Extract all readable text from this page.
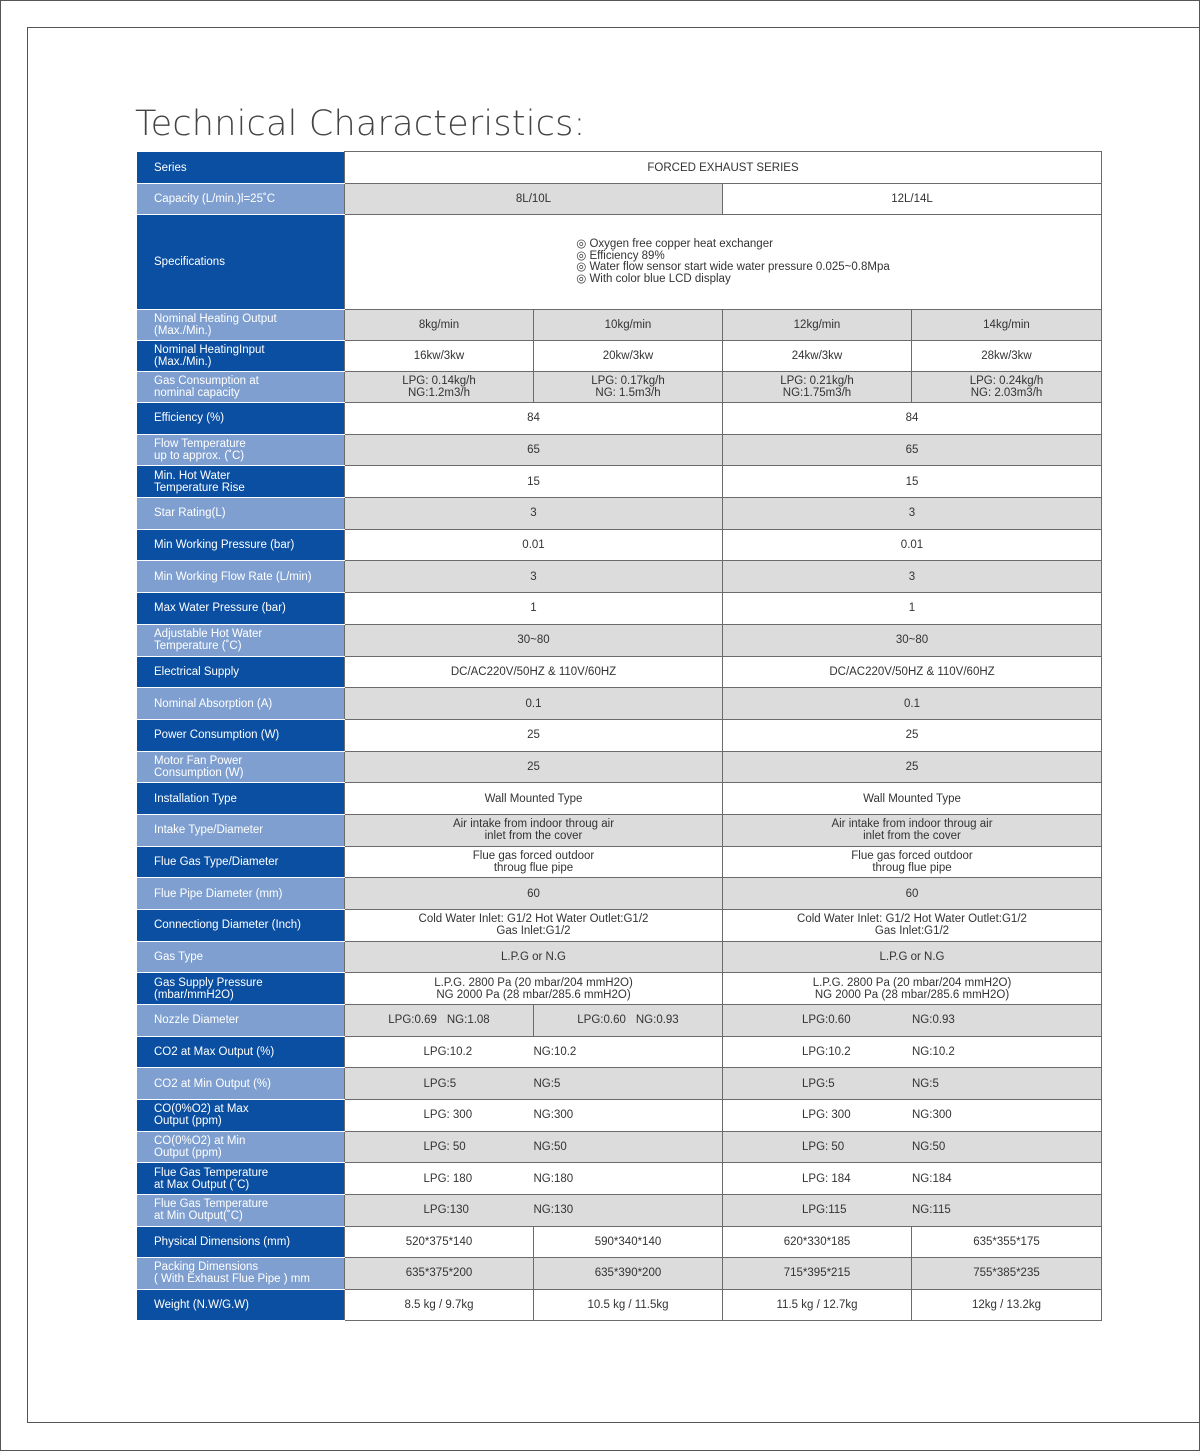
Technical Characteristics:
Series	FORCED EXHAUST SERIES			
Capacity (L/min.)l=25˚C	8L/10L		12L/14L	
Specifications	◎ Oxygen free copper heat exchanger
◎ Efficiency 89%
◎ Water flow sensor start wide water pressure 0.025~0.8Mpa
◎ With color blue LCD display			

Nominal Heating Output
(Max./Min.)	8kg/min	10kg/min	12kg/min	14kg/min
Nominal HeatingInput
(Max./Min.)	16kw/3kw	20kw/3kw	24kw/3kw	28kw/3kw
Gas Consumption at
nominal capacity	LPG: 0.14kg/h
NG:1.2m3/h	LPG: 0.17kg/h
NG: 1.5m3/h	LPG: 0.21kg/h
NG:1.75m3/h	LPG: 0.24kg/h
NG: 2.03m3/h
Efficiency (%)	84		84	
Flow Temperature
up to approx. (˚C)	65		65	
Min. Hot Water
Temperature Rise	15		15	
Star Rating(L)	3		3	
Min Working Pressure (bar)	0.01		0.01	
Min Working Flow Rate (L/min)	3		3	
Max Water Pressure (bar)	1		1	
Adjustable Hot Water
Temperature (˚C)	30~80		30~80	
Electrical Supply	DC/AC220V/50HZ & 110V/60HZ		DC/AC220V/50HZ & 110V/60HZ	
Nominal Absorption (A)	0.1		0.1	
Power Consumption (W)	25		25	
Motor Fan Power
Consumption (W)	25		25	
Installation Type	Wall Mounted Type		Wall Mounted Type	
Intake Type/Diameter	Air intake from indoor throug air
inlet from the cover		Air intake from indoor throug air
inlet from the cover	
Flue Gas Type/Diameter	Flue gas forced outdoor
throug flue pipe		Flue gas forced outdoor
throug flue pipe	
Flue Pipe Diameter (mm)	60		60	
Connectiong Diameter (Inch)	Cold Water Inlet: G1/2 Hot Water Outlet:G1/2
Gas Inlet:G1/2		Cold Water Inlet: G1/2 Hot Water Outlet:G1/2
Gas Inlet:G1/2	
Gas Type	L.P.G or N.G		L.P.G or N.G	
Gas Supply Pressure
(mbar/mmH2O)	L.P.G. 2800 Pa (20 mbar/204 mmH2O)
NG 2000 Pa (28 mbar/285.6 mmH2O)		L.P.G. 2800 Pa (20 mbar/204 mmH2O)
NG 2000 Pa (28 mbar/285.6 mmH2O)	
Nozzle Diameter	LPG:0.69 NG:1.08	LPG:0.60 NG:0.93	LPG:0.60 NG:0.93	

CO2 at Max Output (%)	LPG:10.2 NG:10.2		LPG:10.2 NG:10.2	

CO2 at Min Output (%)	LPG:5 NG:5		LPG:5 NG:5	

CO(0%O2) at Max
Output (ppm)	LPG: 300 NG:300		LPG: 300 NG:300	

CO(0%O2) at Min
Output (ppm)	LPG: 50 NG:50		LPG: 50 NG:50	

Flue Gas Temperature
at Max Output (˚C)	LPG: 180 NG:180		LPG: 184 NG:184	

Flue Gas Temperature
at Min Output(˚C)	LPG:130 NG:130		LPG:115 NG:115	

Physical Dimensions (mm)	520*375*140	590*340*140	620*330*185	635*355*175
Packing Dimensions
( With Exhaust Flue Pipe ) mm	635*375*200	635*390*200	715*395*215	755*385*235
Weight (N.W/G.W)	8.5 kg / 9.7kg	10.5 kg / 11.5kg	11.5 kg / 12.7kg	12kg / 13.2kg
